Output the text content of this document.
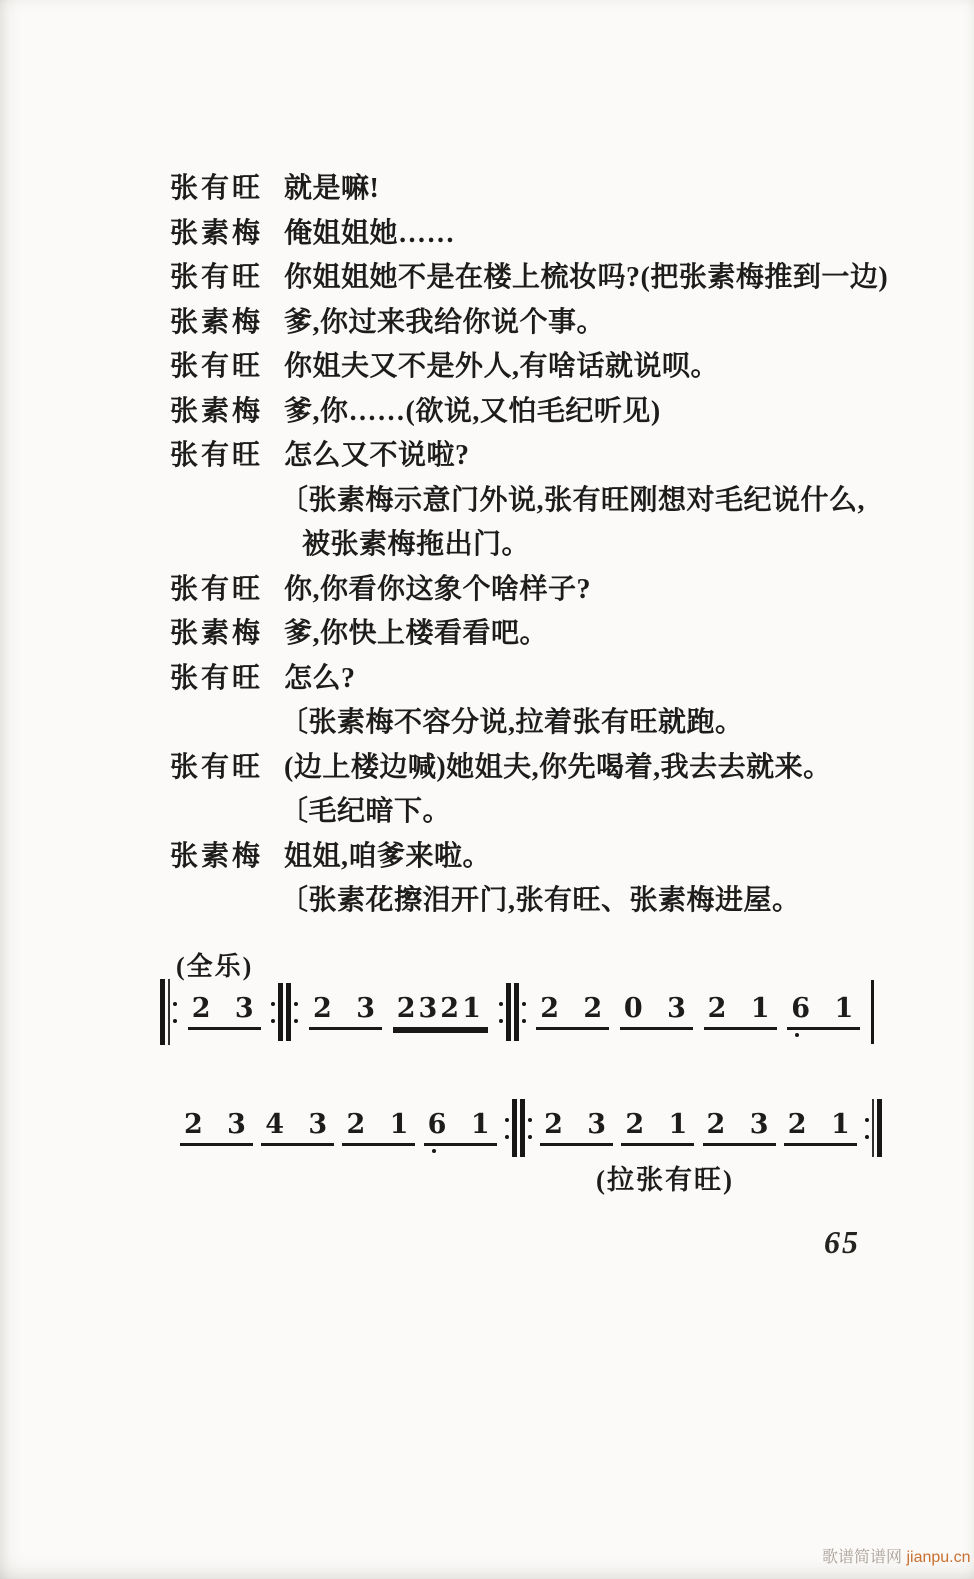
张有旺 就是嘛!
张素梅 俺姐姐她……
张有旺 你姐姐她不是在楼上梳妆吗?(把张素梅推到一边)
张素梅 爹,你过来我给你说个事。
张有旺 你姐夫又不是外人,有啥话就说呗。
张素梅 爹,你……(欲说,又怕毛纪听见)
张有旺 怎么又不说啦?
〔张素梅示意门外说,张有旺刚想对毛纪说什么,
被张素梅拖出门。
张有旺 你,你看你这象个啥样子?
张素梅 爹,你快上楼看看吧。
张有旺 怎么?
〔张素梅不容分说,拉着张有旺就跑。
张有旺 (边上楼边喊)她姐夫,你先喝着,我去去就来。
〔毛纪暗下。
张素梅 姐姐,咱爹来啦。
〔张素花擦泪开门,张有旺、张素梅进屋。
(全乐)
2 3 2 3 2321 2 2 0 3 2 1 6 1
2 3 4 3 2 1 6 1 2 3 2 1 2 3 2 1
(拉张有旺)
65
歌谱简谱网 jianpu.cn
